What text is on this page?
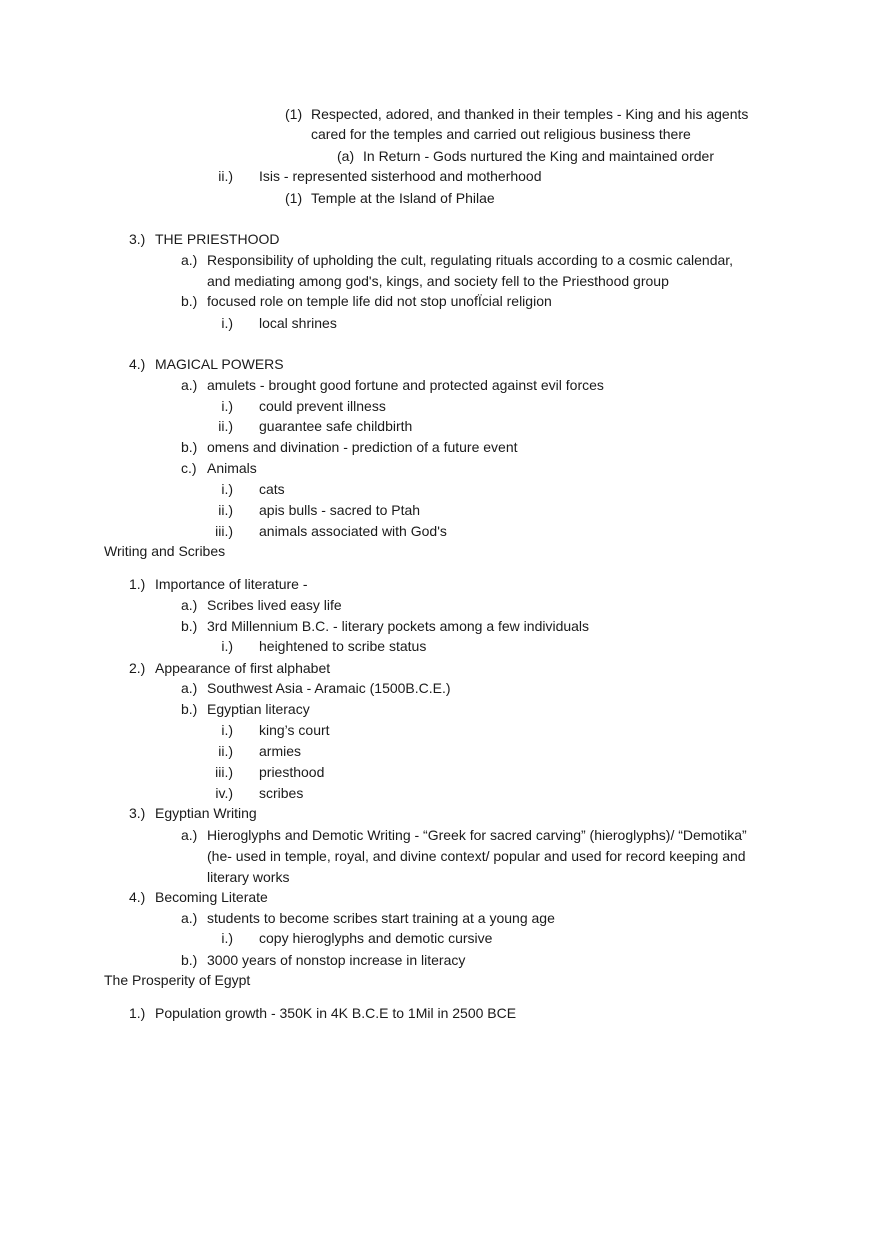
(1) Respected, adored, and thanked in their temples - King and his agents
cared for the temples and carried out religious business there
(a) In Return - Gods nurtured the King and maintained order
ii.) Isis - represented sisterhood and motherhood
(1) Temple at the Island of Philae
3.) THE PRIESTHOOD
a.) Responsibility of upholding the cult, regulating rituals according to a cosmic calendar,
and mediating among god's, kings, and society fell to the Priesthood group
b.) focused role on temple life did not stop unofÏcial religion
i.) local shrines
4.) MAGICAL POWERS
a.) amulets - brought good fortune and protected against evil forces
i.) could prevent illness
ii.) guarantee safe childbirth
b.) omens and divination - prediction of a future event
c.) Animals
i.) cats
ii.) apis bulls - sacred to Ptah
iii.) animals associated with God's
Writing and Scribes
1.) Importance of literature -
a.) Scribes lived easy life
b.) 3rd Millennium B.C. - literary pockets among a few individuals
i.) heightened to scribe status
2.) Appearance of first alphabet
a.) Southwest Asia - Aramaic (1500B.C.E.)
b.) Egyptian literacy
i.) king’s court
ii.) armies
iii.) priesthood
iv.) scribes
3.) Egyptian Writing
a.) Hieroglyphs and Demotic Writing - “Greek for sacred carving” (hieroglyphs)/ “Demotika”
(he- used in temple, royal, and divine context/ popular and used for record keeping and
literary works
4.) Becoming Literate
a.) students to become scribes start training at a young age
i.) copy hieroglyphs and demotic cursive
b.) 3000 years of nonstop increase in literacy
The Prosperity of Egypt
1.) Population growth - 350K in 4K B.C.E to 1Mil in 2500 BCE
